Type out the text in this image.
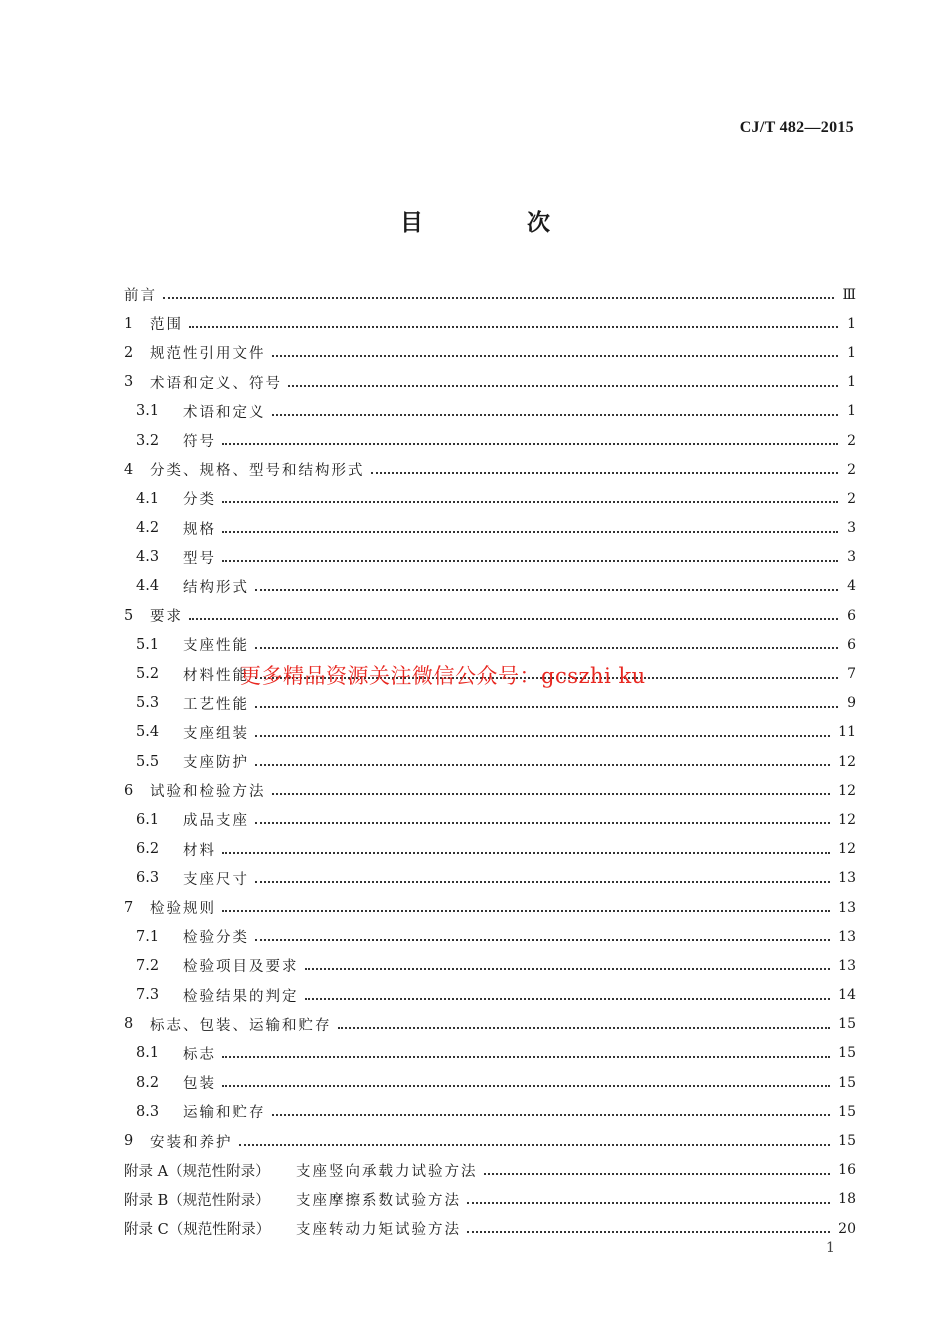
CJ/T 482—2015
目 次
前言	Ⅲ
1	范围	1
2	规范性引用文件	1
3	术语和定义、符号	1
3.1	术语和定义	1
3.2	符号	2
4	分类、规格、型号和结构形式	2
4.1	分类	2
4.2	规格	3
4.3	型号	3
4.4	结构形式	4
5	要求	6
5.1	支座性能	6
5.2	材料性能	7
5.3	工艺性能	9
5.4	支座组装	11
5.5	支座防护	12
6	试验和检验方法	12
6.1	成品支座	12
6.2	材料	12
6.3	支座尺寸	13
7	检验规则	13
7.1	检验分类	13
7.2	检验项目及要求	13
7.3	检验结果的判定	14
8	标志、包装、运输和贮存	15
8.1	标志	15
8.2	包装	15
8.3	运输和贮存	15
9	安装和养护	15
附录 A（规范性附录）	支座竖向承载力试验方法	16
附录 B（规范性附录）	支座摩擦系数试验方法	18
附录 C（规范性附录）	支座转动力矩试验方法	20
1
更多精品资源关注微信公众号：gcszhi ku
